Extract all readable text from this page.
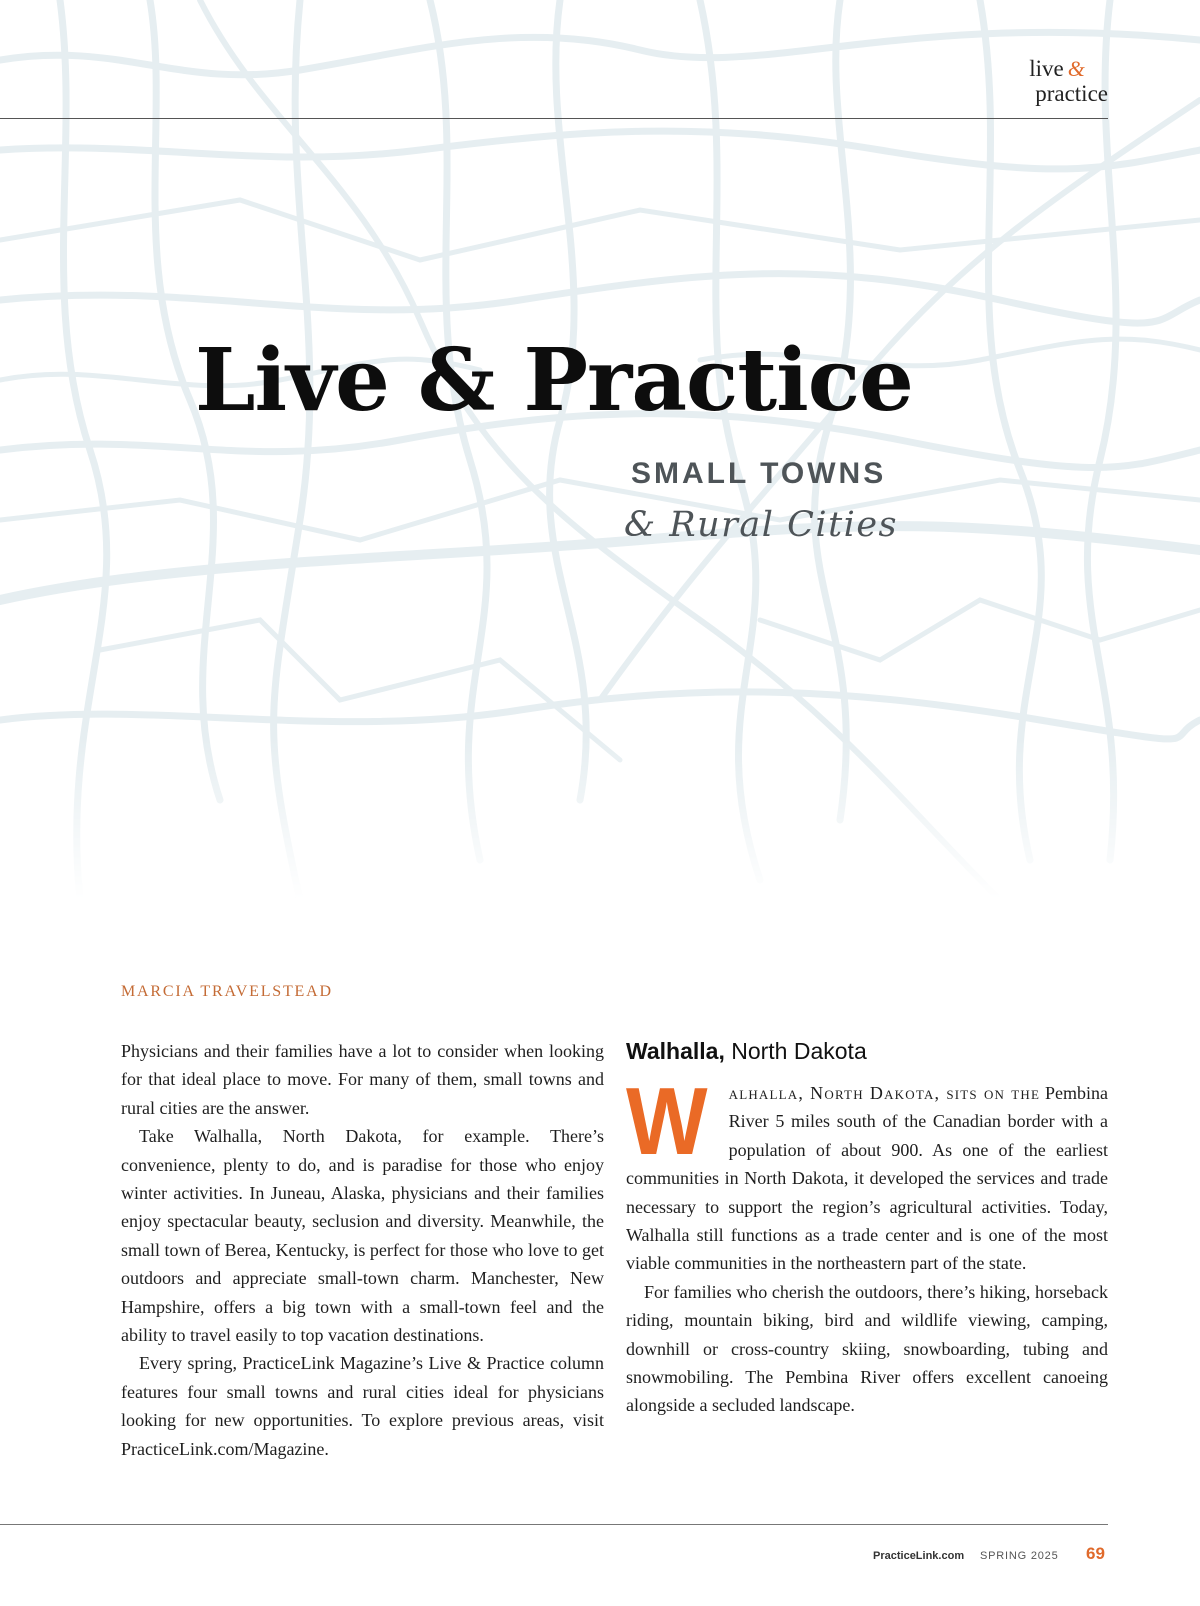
live &
practice
Live & Practice
SMALL TOWNS
& Rural Cities
MARCIA TRAVELSTEAD

Physicians and their families have a lot to consider when looking for that ideal place to move. For many of them, small towns and rural cities are the answer.

Take Walhalla, North Dakota, for example. There’s convenience, plenty to do, and is paradise for those who enjoy winter activities. In Juneau, Alaska, physicians and their families enjoy spectacular beauty, seclusion and diversity. Meanwhile, the small town of Berea, Kentucky, is perfect for those who love to get outdoors and appreciate small-town charm. Manchester, New Hampshire, offers a big town with a small-town feel and the ability to travel easily to top vacation destinations.

Every spring, PracticeLink Magazine’s Live & Practice column features four small towns and rural cities ideal for physicians looking for new opportunities. To explore previous areas, visit PracticeLink.com/Magazine.

Walhalla, North Dakota

W alhalla, North Dakota, sits on the Pembina River 5 miles south of the Canadian border with a population of about 900. As one of the earliest communities in North Dakota, it developed the services and trade necessary to support the region’s agricultural activities. Today, Walhalla still functions as a trade center and is one of the most viable communities in the northeastern part of the state.

For families who cherish the outdoors, there’s hiking, horseback riding, mountain biking, bird and wildlife viewing, camping, downhill or cross-country skiing, snowboarding, tubing and snowmobiling. The Pembina River offers excellent canoeing alongside a secluded landscape.

PracticeLink.com SPRING 2025 69
